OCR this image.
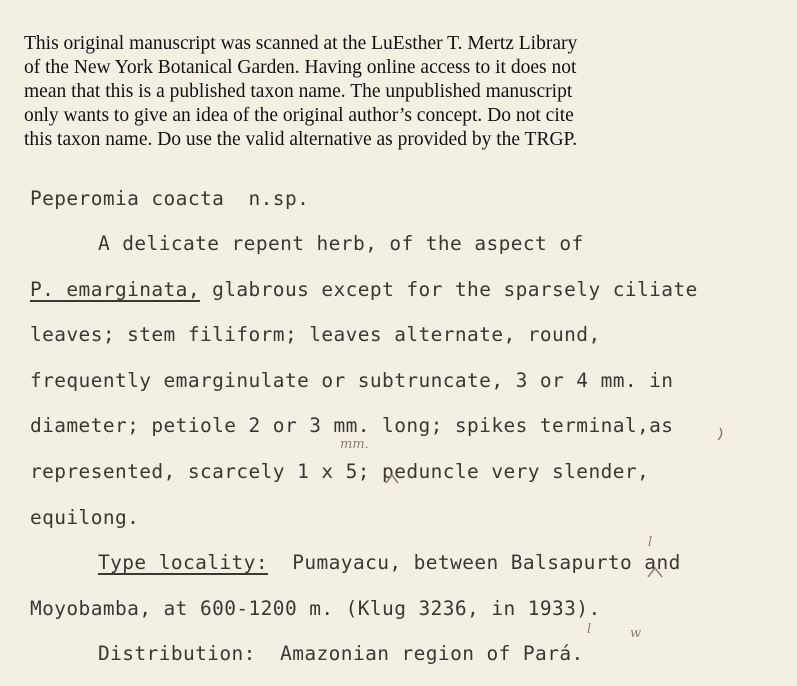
This original manuscript was scanned at the LuEsther T. Mertz Library
of the New York Botanical Garden. Having online access to it does not
mean that this is a published taxon name. The unpublished manuscript
only wants to give an idea of the original author’s concept. Do not cite
this taxon name. Do use the valid alternative as provided by the TRGP.
Peperomia coacta  n.sp.
A delicate repent herb, of the aspect of
P. emarginata, glabrous except for the sparsely ciliate
leaves; stem filiform; leaves alternate, round,
frequently emarginulate or subtruncate, 3 or 4 mm. in
diameter; petiole 2 or 3 mm. long; spikes terminal,as
represented, scarcely 1 x 5; peduncle very slender,
equilong.
Type locality:  Pumayacu, between Balsapurto and
Moyobamba, at 600-1200 m. (Klug 3236, in 1933).
Distribution:  Amazonian region of Pará.
mm.
l
l	w
